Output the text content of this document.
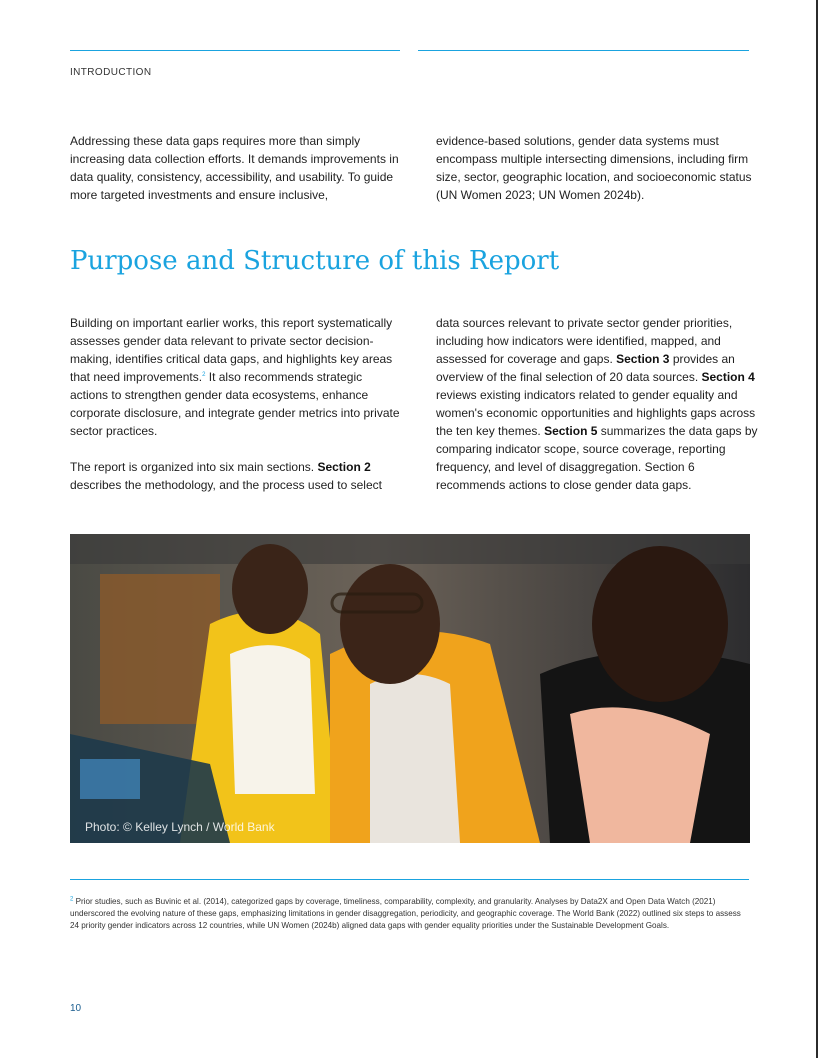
INTRODUCTION

Addressing these data gaps requires more than simply increasing data collection efforts. It demands improvements in data quality, consistency, accessibility, and usability. To guide more targeted investments and ensure inclusive,

evidence-based solutions, gender data systems must encompass multiple intersecting dimensions, including firm size, sector, geographic location, and socioeconomic status (UN Women 2023; UN Women 2024b).

Purpose and Structure of this Report

Building on important earlier works, this report systematically assesses gender data relevant to private sector decision-making, identifies critical data gaps, and highlights key areas that need improvements.$^2$ It also recommends strategic actions to strengthen gender data ecosystems, enhance corporate disclosure, and integrate gender metrics into private sector practices.

The report is organized into six main sections. Section 2 describes the methodology, and the process used to select

data sources relevant to private sector gender priorities, including how indicators were identified, mapped, and assessed for coverage and gaps. Section 3 provides an overview of the final selection of 20 data sources. Section 4 reviews existing indicators related to gender equality and women's economic opportunities and highlights gaps across the ten key themes. Section 5 summarizes the data gaps by comparing indicator scope, source coverage, reporting frequency, and level of disaggregation. Section 6 recommends actions to close gender data gaps.

Photo: © Kelley Lynch / World Bank
$^2$ Prior studies, such as Buvinic et al. (2014), categorized gaps by coverage, timeliness, comparability, complexity, and granularity. Analyses by Data2X and Open Data Watch (2021) underscored the evolving nature of these gaps, emphasizing limitations in gender disaggregation, periodicity, and geographic coverage. The World Bank (2022) outlined six steps to assess 24 priority gender indicators across 12 countries, while UN Women (2024b) aligned data gaps with gender equality priorities under the Sustainable Development Goals.
10
